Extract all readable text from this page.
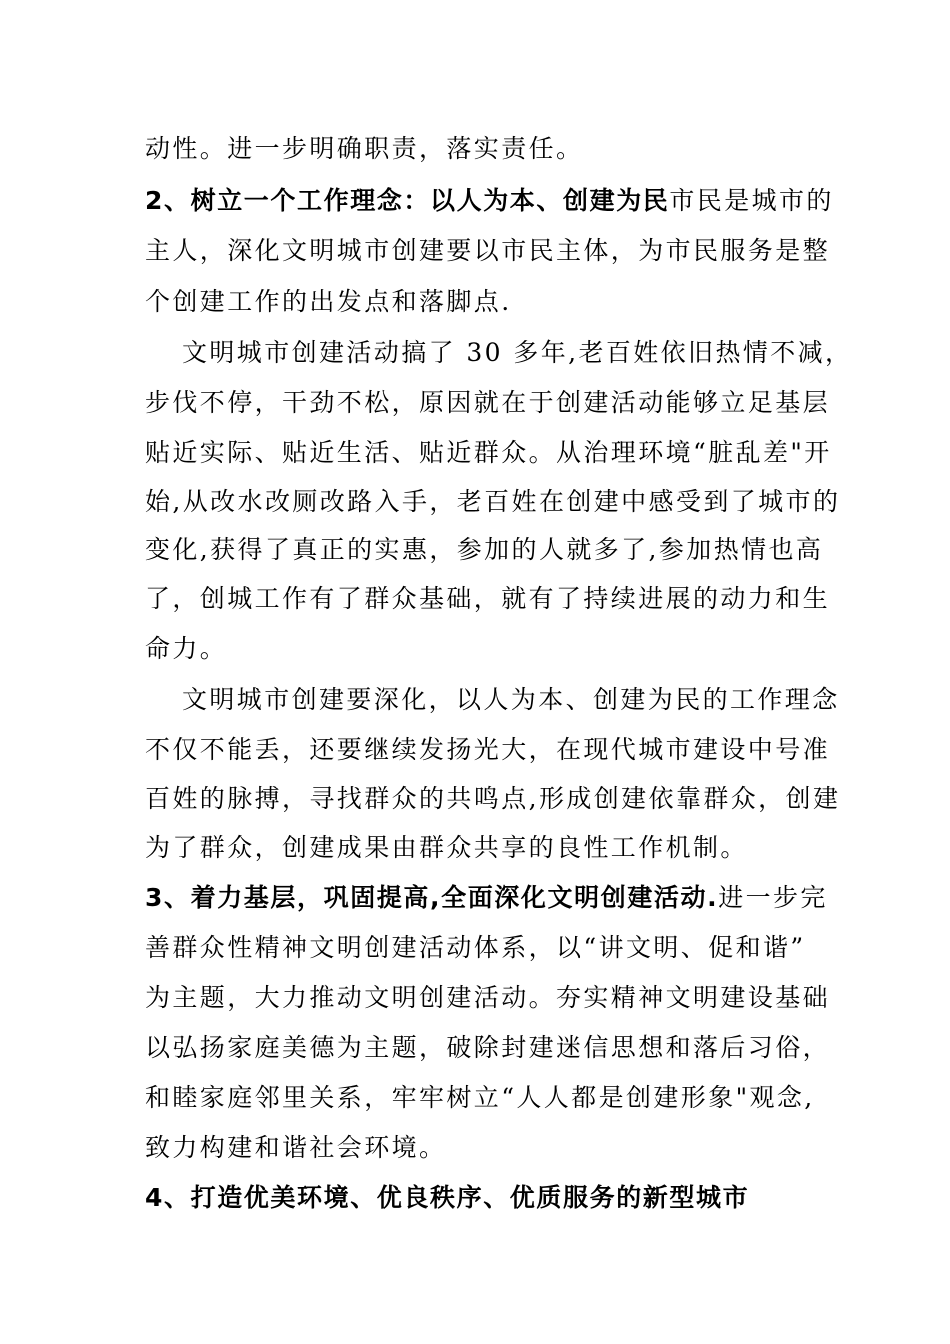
动性。进一步明确职责，落实责任。
2、树立一个工作理念：以人为本、创建为民市民是城市的
主人，深化文明城市创建要以市民主体，为市民服务是整
个创建工作的出发点和落脚点.
文明城市创建活动搞了 30 多年,老百姓依旧热情不减，
步伐不停，干劲不松，原因就在于创建活动能够立足基层
贴近实际、贴近生活、贴近群众。从治理环境“脏乱差"开
始,从改水改厕改路入手，老百姓在创建中感受到了城市的
变化,获得了真正的实惠，参加的人就多了,参加热情也高
了，创城工作有了群众基础，就有了持续进展的动力和生
命力。
文明城市创建要深化，以人为本、创建为民的工作理念
不仅不能丢，还要继续发扬光大，在现代城市建设中号准
百姓的脉搏，寻找群众的共鸣点,形成创建依靠群众，创建
为了群众，创建成果由群众共享的良性工作机制。
3、着力基层，巩固提高,全面深化文明创建活动.进一步完
善群众性精神文明创建活动体系，以“讲文明、促和谐”
为主题，大力推动文明创建活动。夯实精神文明建设基础
以弘扬家庭美德为主题，破除封建迷信思想和落后习俗，
和睦家庭邻里关系，牢牢树立“人人都是创建形象"观念,
致力构建和谐社会环境。
4、打造优美环境、优良秩序、优质服务的新型城市
